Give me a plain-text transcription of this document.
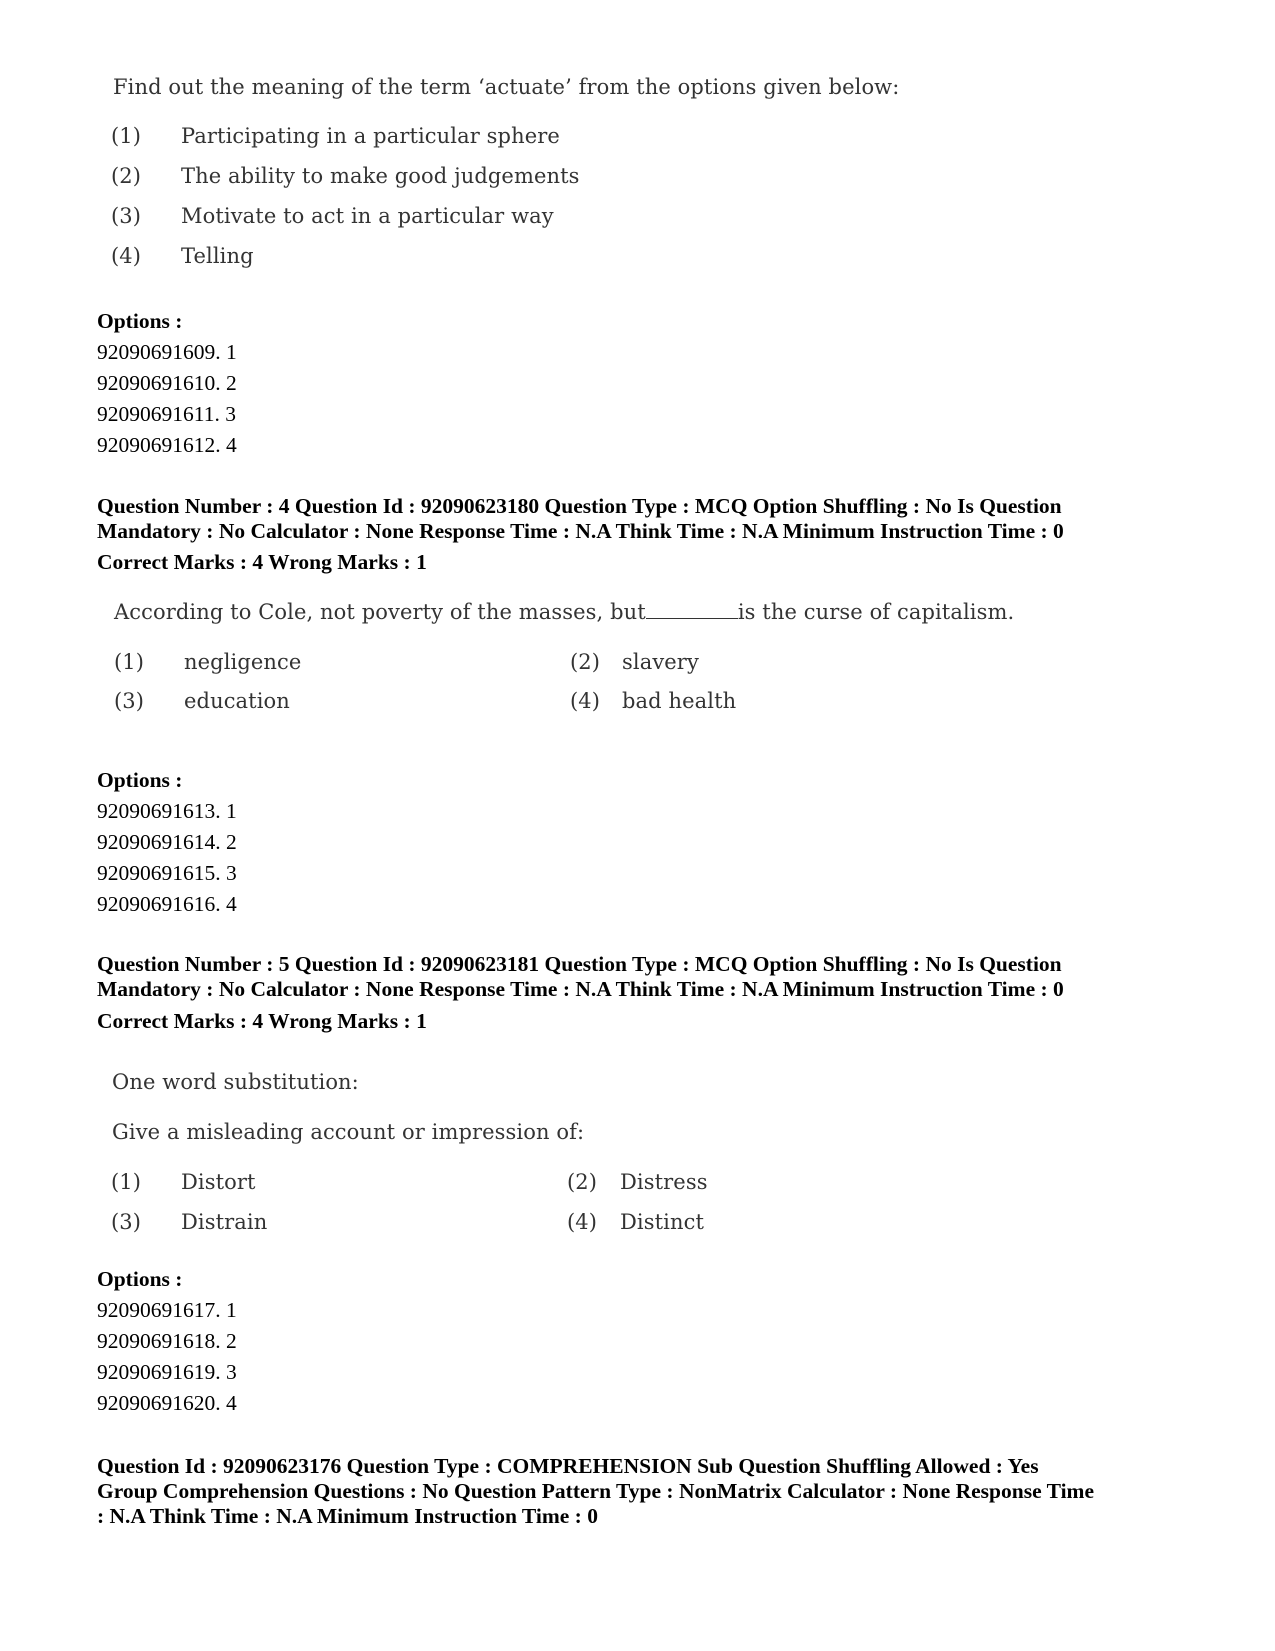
Find out the meaning of the term ‘actuate’ from the options given below:
(1) Participating in a particular sphere
(2) The ability to make good judgements
(3) Motivate to act in a particular way
(4) Telling
Options :
92090691609. 1
92090691610. 2
92090691611. 3
92090691612. 4
Question Number : 4 Question Id : 92090623180 Question Type : MCQ Option Shuffling : No Is Question
Mandatory : No Calculator : None Response Time : N.A Think Time : N.A Minimum Instruction Time : 0
Correct Marks : 4 Wrong Marks : 1
According to Cole, not poverty of the masses, but	is the curse of capitalism.
(1) negligence	(2) slavery
(3) education	(4) bad health
Options :
92090691613. 1
92090691614. 2
92090691615. 3
92090691616. 4
Question Number : 5 Question Id : 92090623181 Question Type : MCQ Option Shuffling : No Is Question
Mandatory : No Calculator : None Response Time : N.A Think Time : N.A Minimum Instruction Time : 0
Correct Marks : 4 Wrong Marks : 1
One word substitution:
Give a misleading account or impression of:
(1) Distort	(2) Distress
(3) Distrain	(4) Distinct
Options :
92090691617. 1
92090691618. 2
92090691619. 3
92090691620. 4
Question Id : 92090623176 Question Type : COMPREHENSION Sub Question Shuffling Allowed : Yes
Group Comprehension Questions : No Question Pattern Type : NonMatrix Calculator : None Response Time
: N.A Think Time : N.A Minimum Instruction Time : 0
